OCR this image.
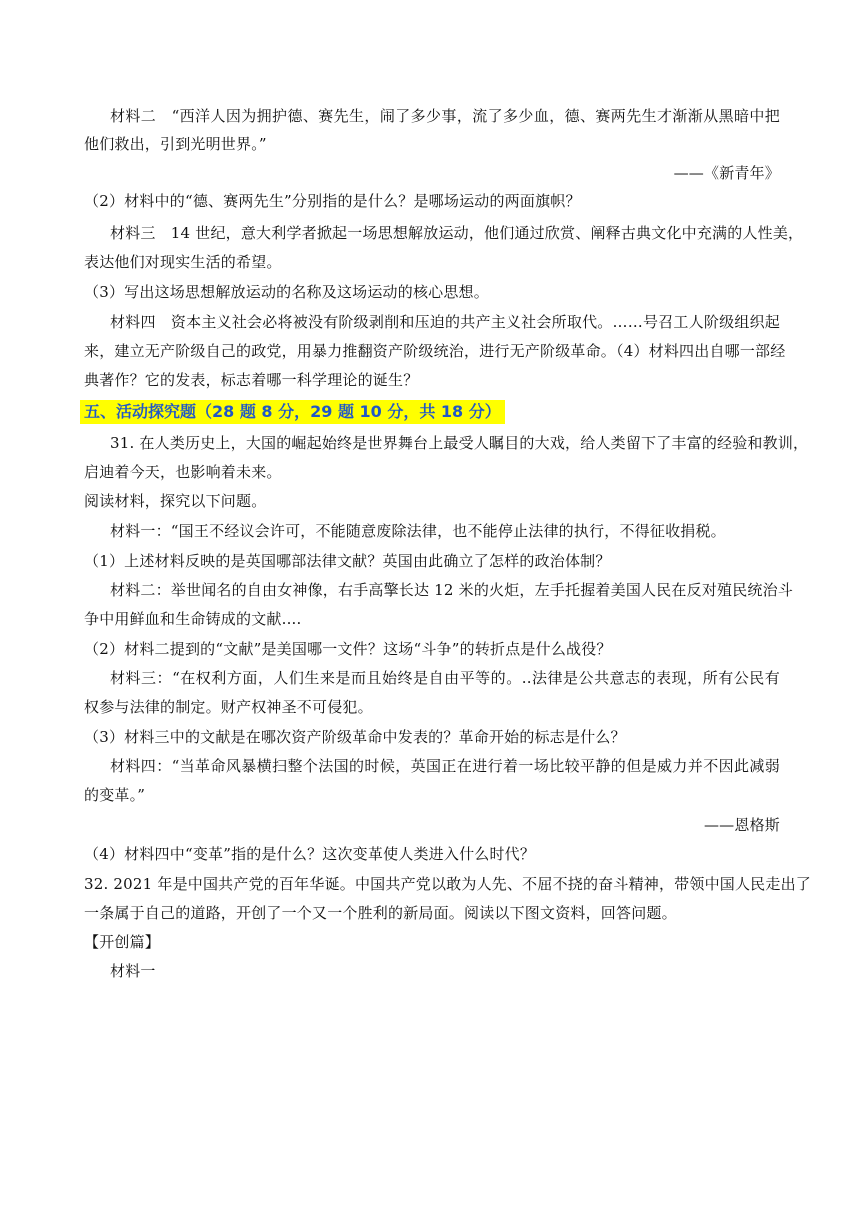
材料二　“西洋人因为拥护德、赛先生，闹了多少事，流了多少血，德、赛两先生才渐渐从黑暗中把
他们救出，引到光明世界。”
——《新青年》
（2）材料中的“德、赛两先生”分别指的是什么？是哪场运动的两面旗帜？
材料三　14 世纪，意大利学者掀起一场思想解放运动，他们通过欣赏、阐释古典文化中充满的人性美，
表达他们对现实生活的希望。
（3）写出这场思想解放运动的名称及这场运动的核心思想。
材料四　资本主义社会必将被没有阶级剥削和压迫的共产主义社会所取代。……号召工人阶级组织起
来，建立无产阶级自己的政党，用暴力推翻资产阶级统治，进行无产阶级革命。（4）材料四出自哪一部经
典著作？它的发表，标志着哪一科学理论的诞生？
五、活动探究题（28 题 8 分，29 题 10 分，共 18 分）
31. 在人类历史上，大国的崛起始终是世界舞台上最受人瞩目的大戏，给人类留下了丰富的经验和教训，
启迪着今天，也影响着未来。
阅读材料，探究以下问题。
材料一：“国王不经议会许可，不能随意废除法律，也不能停止法律的执行，不得征收捐税。
（1）上述材料反映的是英国哪部法律文献？英国由此确立了怎样的政治体制？
材料二：举世闻名的自由女神像，右手高擎长达 12 米的火炬，左手托握着美国人民在反对殖民统治斗
争中用鲜血和生命铸成的文献....
（2）材料二提到的“文献”是美国哪一文件？这场“斗争”的转折点是什么战役？
材料三：“在权利方面，人们生来是而且始终是自由平等的。..法律是公共意志的表现，所有公民有
权参与法律的制定。财产权神圣不可侵犯。
（3）材料三中的文献是在哪次资产阶级革命中发表的？革命开始的标志是什么？
材料四：“当革命风暴横扫整个法国的时候，英国正在进行着一场比较平静的但是威力并不因此减弱
的变革。”
——恩格斯
（4）材料四中“变革”指的是什么？这次变革使人类进入什么时代？
32. 2021 年是中国共产党的百年华诞。中国共产党以敢为人先、不屈不挠的奋斗精神，带领中国人民走出了
一条属于自己的道路，开创了一个又一个胜利的新局面。阅读以下图文资料，回答问题。
【开创篇】
材料一
